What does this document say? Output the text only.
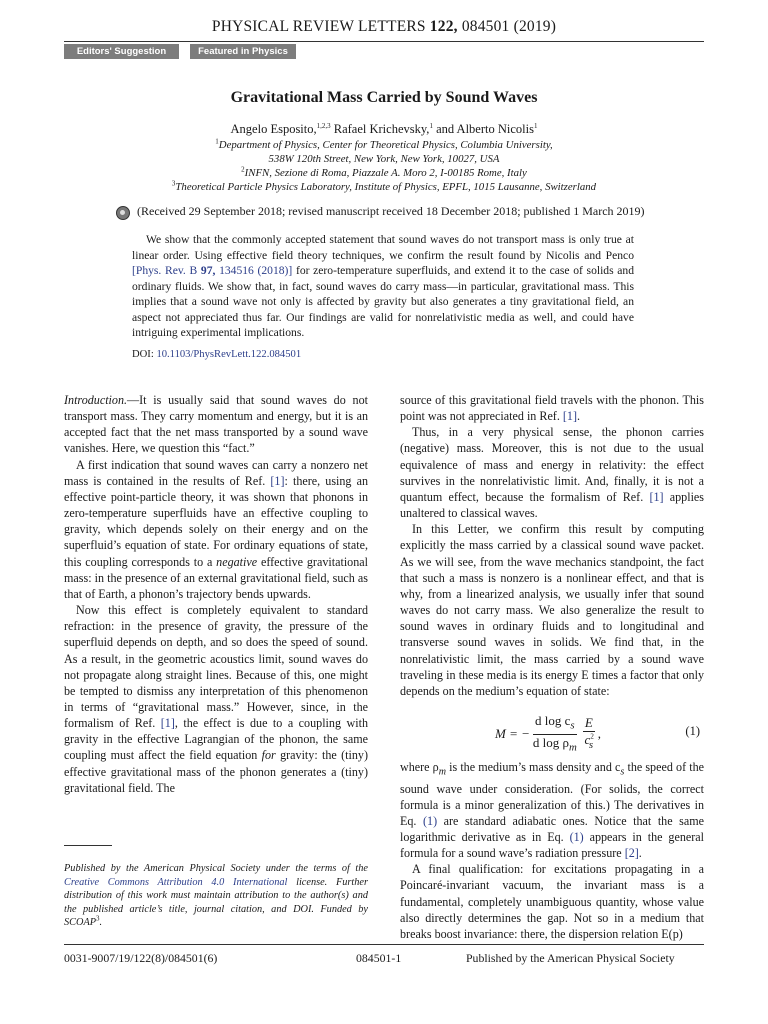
PHYSICAL REVIEW LETTERS 122, 084501 (2019)
Editors' Suggestion	Featured in Physics
Gravitational Mass Carried by Sound Waves
Angelo Esposito,$^{1,2,3}$ Rafael Krichevsky,$^1$ and Alberto Nicolis$^1$
$^1$Department of Physics, Center for Theoretical Physics, Columbia University,
538W 120th Street, New York, New York, 10027, USA
$^2$INFN, Sezione di Roma, Piazzale A. Moro 2, I-00185 Rome, Italy
$^3$Theoretical Particle Physics Laboratory, Institute of Physics, EPFL, 1015 Lausanne, Switzerland
(Received 29 September 2018; revised manuscript received 18 December 2018; published 1 March 2019)
We show that the commonly accepted statement that sound waves do not transport mass is only true at linear order. Using effective field theory techniques, we confirm the result found by Nicolis and Penco [Phys. Rev. B 97, 134516 (2018)] for zero-temperature superfluids, and extend it to the case of solids and ordinary fluids. We show that, in fact, sound waves do carry mass—in particular, gravitational mass. This implies that a sound wave not only is affected by gravity but also generates a tiny gravitational field, an aspect not appreciated thus far. Our findings are valid for nonrelativistic media as well, and could have intriguing experimental implications.
DOI: 10.1103/PhysRevLett.122.084501

Introduction.—It is usually said that sound waves do not transport mass. They carry momentum and energy, but it is an accepted fact that the net mass transported by a sound wave vanishes. Here, we question this “fact.”

A first indication that sound waves can carry a nonzero net mass is contained in the results of Ref. [1]: there, using an effective point-particle theory, it was shown that phonons in zero-temperature superfluids have an effective coupling to gravity, which depends solely on their energy and on the superfluid’s equation of state. For ordinary equations of state, this coupling corresponds to a negative effective gravitational mass: in the presence of an external gravitational field, such as that of Earth, a phonon’s trajectory bends upwards.

Now this effect is completely equivalent to standard refraction: in the presence of gravity, the pressure of the superfluid depends on depth, and so does the speed of sound. As a result, in the geometric acoustics limit, sound waves do not propagate along straight lines. Because of this, one might be tempted to dismiss any interpretation of this phenomenon in terms of “gravitational mass.” However, since, in the formalism of Ref. [1], the effect is due to a coupling with gravity in the effective Lagrangian of the phonon, the same coupling must affect the field equation for gravity: the (tiny) effective gravitational mass of the phonon generates a (tiny) gravitational field. The

source of this gravitational field travels with the phonon. This point was not appreciated in Ref. [1].

Thus, in a very physical sense, the phonon carries (negative) mass. Moreover, this is not due to the usual equivalence of mass and energy in relativity: the effect survives in the nonrelativistic limit. And, finally, it is not a quantum effect, because the formalism of Ref. [1] applies unaltered to classical waves.

In this Letter, we confirm this result by computing explicitly the mass carried by a classical sound wave packet. As we will see, from the wave mechanics standpoint, the fact that such a mass is nonzero is a nonlinear effect, and that is why, from a linearized analysis, we usually infer that sound waves do not carry mass. We also generalize the result to sound waves in ordinary fluids and to longitudinal and transverse sound waves in solids. We find that, in the nonrelativistic limit, the mass carried by a sound wave traveling in these media is its energy E times a factor that only depends on the medium’s equation of state:

M = − $\frac{d \log c_s}{d \log \rho_m} \frac{E}{c^2_s}$ ,	(1)

where $\rho_m$ is the medium’s mass density and $c_s$ the speed of the sound wave under consideration. (For solids, the correct formula is a minor generalization of this.) The derivatives in Eq. (1) are standard adiabatic ones. Notice that the same logarithmic derivative as in Eq. (1) appears in the general formula for a sound wave’s radiation pressure [2].

A final qualification: for excitations propagating in a Poincaré-invariant vacuum, the invariant mass is a fundamental, completely unambiguous quantity, whose value also directly determines the gap. Not so in a medium that breaks boost invariance: there, the dispersion relation E(p)

Published by the American Physical Society under the terms of the Creative Commons Attribution 4.0 International license. Further distribution of this work must maintain attribution to the author(s) and the published article’s title, journal citation, and DOI. Funded by SCOAP$^3$.
0031-9007/19/122(8)/084501(6)	084501-1	Published by the American Physical Society
